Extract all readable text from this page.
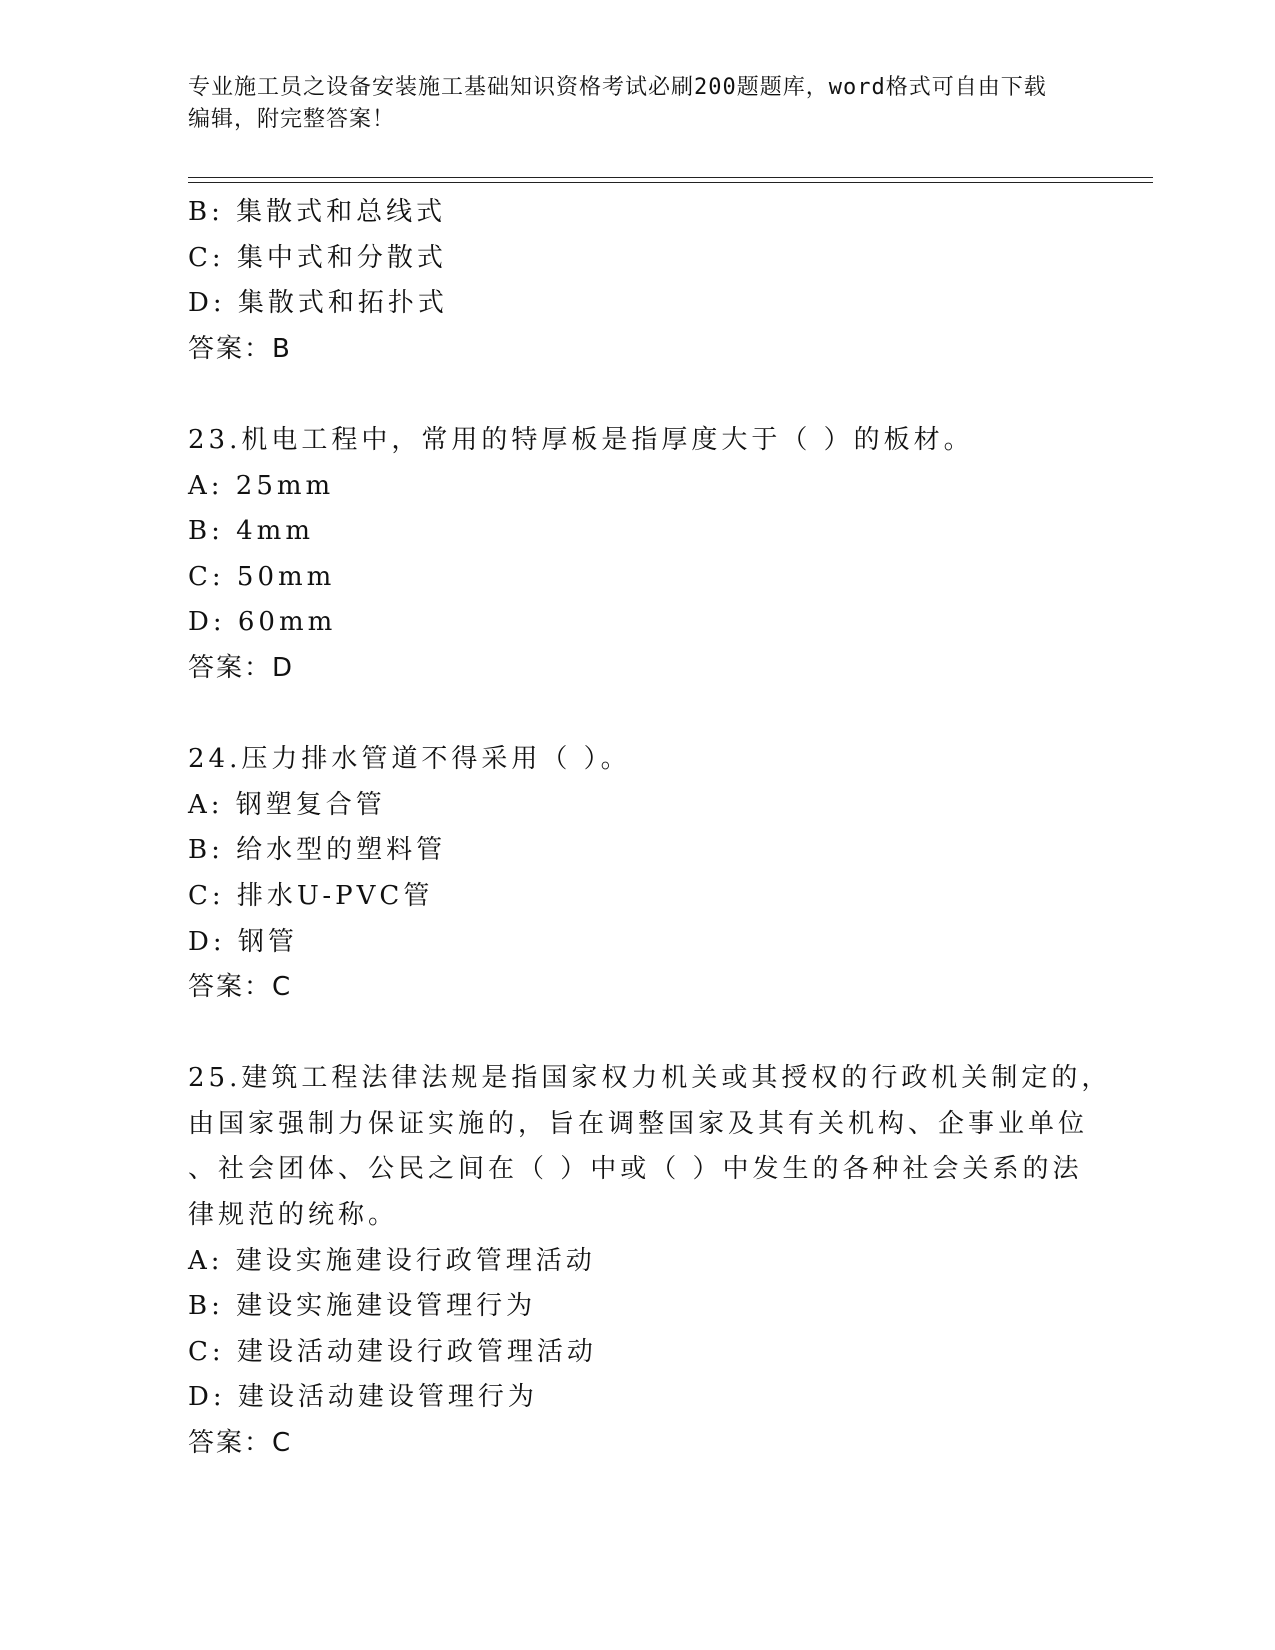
专业施工员之设备安装施工基础知识资格考试必刷200题题库，word格式可自由下载编辑，附完整答案！
B: 集散式和总线式
C: 集中式和分散式
D: 集散式和拓扑式
答案：B
23.机电工程中，常用的特厚板是指厚度大于（ ）的板材。
A: 25mm
B: 4mm
C: 50mm
D: 60mm
答案：D
24.压力排水管道不得采用（ ）。
A: 钢塑复合管
B: 给水型的塑料管
C: 排水U-PVC管
D: 钢管
答案：C
25.建筑工程法律法规是指国家权力机关或其授权的行政机关制定的，
由国家强制力保证实施的，旨在调整国家及其有关机构、企事业单位
、社会团体、公民之间在（ ）中或（ ）中发生的各种社会关系的法
律规范的统称。
A: 建设实施建设行政管理活动
B: 建设实施建设管理行为
C: 建设活动建设行政管理活动
D: 建设活动建设管理行为
答案：C
